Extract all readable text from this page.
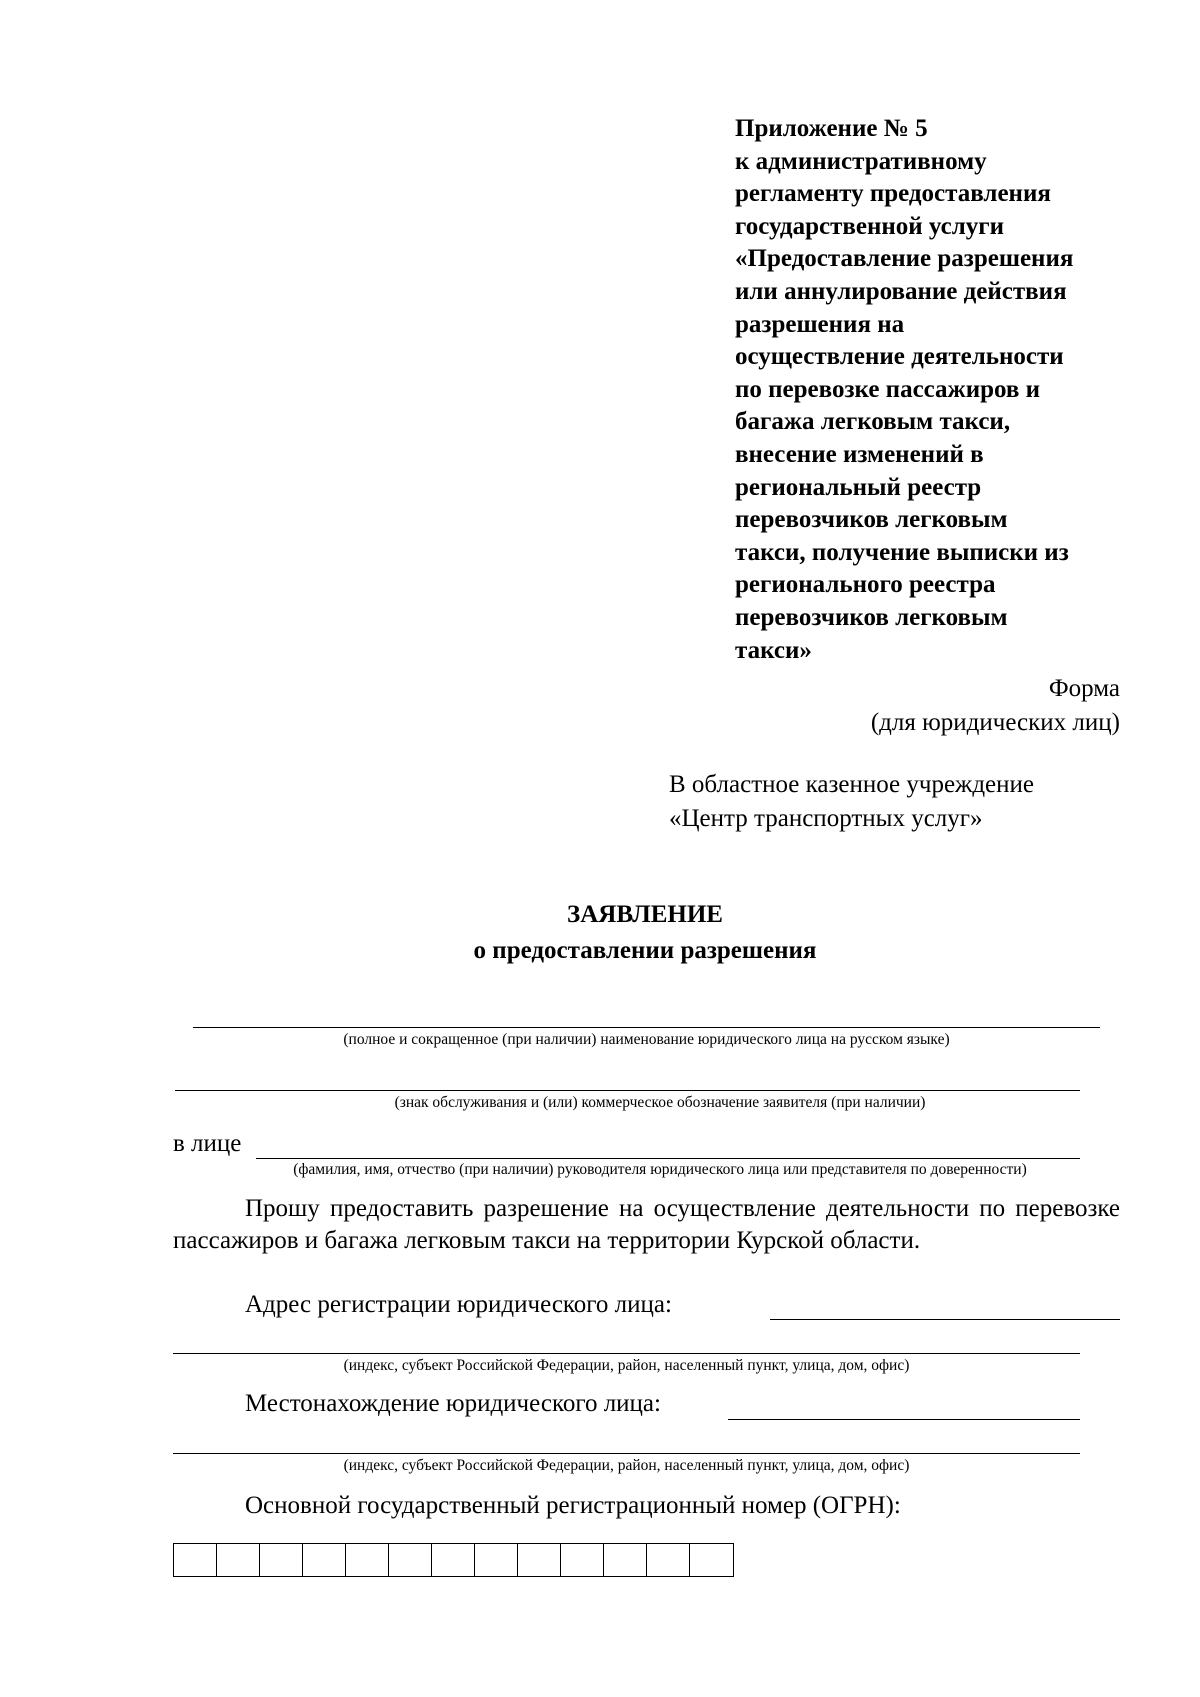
Приложение № 5
к административному
регламенту предоставления
государственной услуги
«Предоставление разрешения
или аннулирование действия
разрешения на
осуществление деятельности
по перевозке пассажиров и
багажа легковым такси,
внесение изменений в
региональный реестр
перевозчиков легковым
такси, получение выписки из
регионального реестра
перевозчиков легковым
такси»
Форма
(для юридических лиц)
В областное казенное учреждение
«Центр транспортных услуг»
ЗАЯВЛЕНИЕ
о предоставлении разрешения
(полное и сокращенное (при наличии) наименование юридического лица на русском языке)
(знак обслуживания и (или) коммерческое обозначение заявителя (при наличии)
в лице
(фамилия, имя, отчество (при наличии) руководителя юридического лица или представителя по доверенности)
Прошу предоставить разрешение на осуществление деятельности по перевозке пассажиров и багажа легковым такси на территории Курской области.
Адрес регистрации юридического лица:
(индекс, субъект Российской Федерации, район, населенный пункт, улица, дом, офис)
Местонахождение юридического лица:
(индекс, субъект Российской Федерации, район, населенный пункт, улица, дом, офис)
Основной государственный регистрационный номер (ОГРН):
